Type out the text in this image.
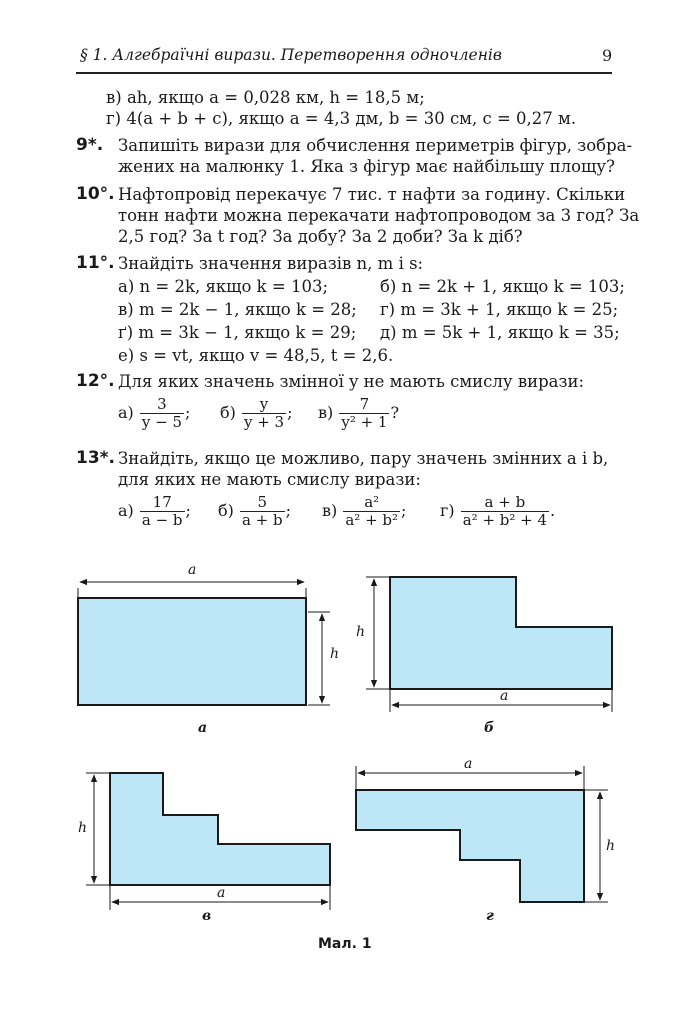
§ 1. Алгебраїчні вирази. Перетворення одночленів	9
в) ah, якщо a = 0,028 км, h = 18,5 м;
г) 4(a + b + c), якщо a = 4,3 дм, b = 30 см, c = 0,27 м.
9*. Запишіть вирази для обчислення периметрів фігур, зобра-
жених на малюнку 1. Яка з фігур має найбільшу площу?
10°. Нафтопровід перекачує 7 тис. т нафти за годину. Скільки
тонн нафти можна перекачати нафтопроводом за 3 год? За
2,5 год? За t год? За добу? За 2 доби? За k діб?
11°. Знайдіть значення виразів n, m і s:
а) n = 2k, якщо k = 103;	б) n = 2k + 1, якщо k = 103;
в) m = 2k − 1, якщо k = 28; г) m = 3k + 1, якщо k = 25;
ґ) m = 3k − 1, якщо k = 29; д) m = 5k + 1, якщо k = 35;
е) s = vt, якщо v = 48,5, t = 2,6.
12°. Для яких значень змінної y не мають смислу вирази:
$а) \frac{3}{y - 5}$ ; $б) \frac{y}{y + 3}$ ; $в) \frac{7}{\text{y² + 1}}$ ?
13*. Знайдіть, якщо це можливо, пару значень змінних a і b,
для яких не мають смислу вирази:
$а) \frac{17}{a - b}$ ; $б) \frac{5}{a + b}$ ; $в) \frac{\text{a²}}{\text{a² + b²}}$ ; $г) \frac{a + b}{\text{a² + b² + 4}}$ .
a
h
а
h
a
б
h
a
в
a
h
г
Мал. 1
